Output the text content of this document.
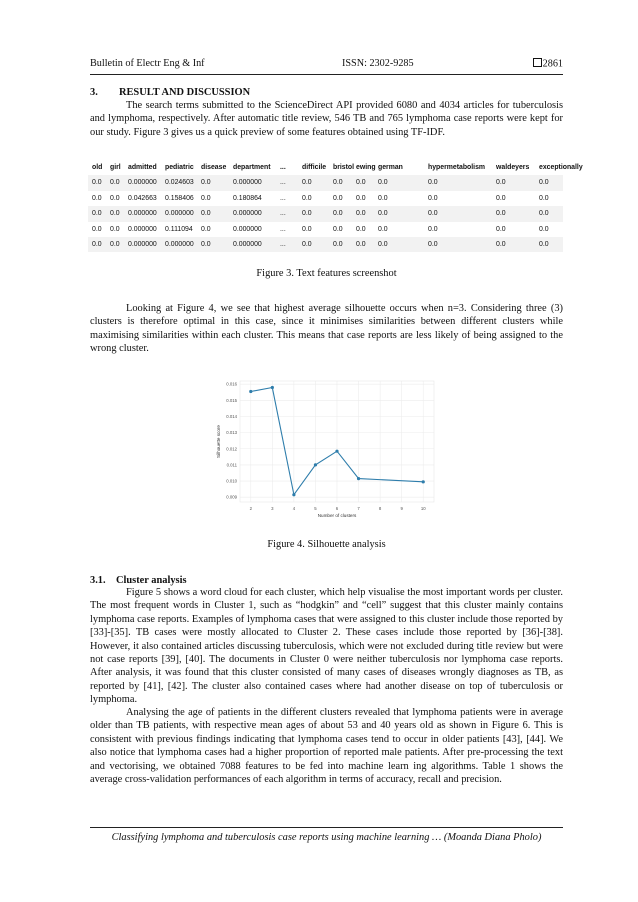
Bulletin of Electr Eng & Inf	ISSN: 2302-9285	2861
3. RESULT AND DISCUSSION

The search terms submitted to the ScienceDirect API provided 6080 and 4034 articles for tuberculosis and lymphoma, respectively. After automatic title review, 546 TB and 765 lymphoma case reports were kept for our study. Figure 3 gives us a quick preview of some features obtained using TF-IDF.

old girl admitted pediatric disease department ... difficile bristol ewing german	hypermetabolism waldeyers exceptionally
0.0 0.0 0.000000 0.024603 0.0	0.000000	... 0.0	0.0 0.0 0.0	0.0	0.0	0.0
0.0 0.0 0.042663 0.158406 0.0	0.180864	... 0.0	0.0 0.0 0.0	0.0	0.0	0.0
0.0 0.0 0.000000 0.000000 0.0	0.000000	... 0.0	0.0 0.0 0.0	0.0	0.0	0.0
0.0 0.0 0.000000 0.111094 0.0	0.000000	... 0.0	0.0 0.0 0.0	0.0	0.0	0.0
0.0 0.0 0.000000 0.000000 0.0	0.000000	... 0.0	0.0 0.0 0.0	0.0	0.0	0.0
Figure 3. Text features screenshot

Looking at Figure 4, we see that highest average silhouette occurs when n=3. Considering three (3) clusters is therefore optimal in this case, since it minimises similarities between different clusters while maximising similarities within each cluster. This means that case reports are less likely of being assigned to the wrong cluster.

0.009
0.010
0.011
0.012
0.013
0.014
0.015
0.016
2	3	4	5	6	7	8	9	10
Number of clusters
Silhouette score
Figure 4. Silhouette analysis
3.1. Cluster analysis

Figure 5 shows a word cloud for each cluster, which help visualise the most important words per cluster. The most frequent words in Cluster 1, such as “hodgkin” and “cell” suggest that this cluster mainly contains lymphoma case reports. Examples of lymphoma cases that were assigned to this cluster include those reported by [33]-[35]. TB cases were mostly allocated to Cluster 2. These cases include those reported by [36]-[38]. However, it also contained articles discussing tuberculosis, which were not excluded during title review but were not case reports [39], [40]. The documents in Cluster 0 were neither tuberculosis nor lymphoma case reports. After analysis, it was found that this cluster consisted of many cases of diseases wrongly diagnoses as TB, as reported by [41], [42]. The cluster also contained cases where had another disease on top of tuberculosis or lymphoma.

Analysing the age of patients in the different clusters revealed that lymphoma patients were in average older than TB patients, with respective mean ages of about 53 and 40 years old as shown in Figure 6. This is consistent with previous findings indicating that lymphoma cases tend to occur in older patients [43], [44]. We also notice that lymphoma cases had a higher proportion of reported male patients. After pre-processing the text and vectorising, we obtained 7088 features to be fed into machine learn ing algorithms. Table 1 shows the average cross-validation performances of each algorithm in terms of accuracy, recall and precision.

Classifying lymphoma and tuberculosis case reports using machine learning … (Moanda Diana Pholo)
